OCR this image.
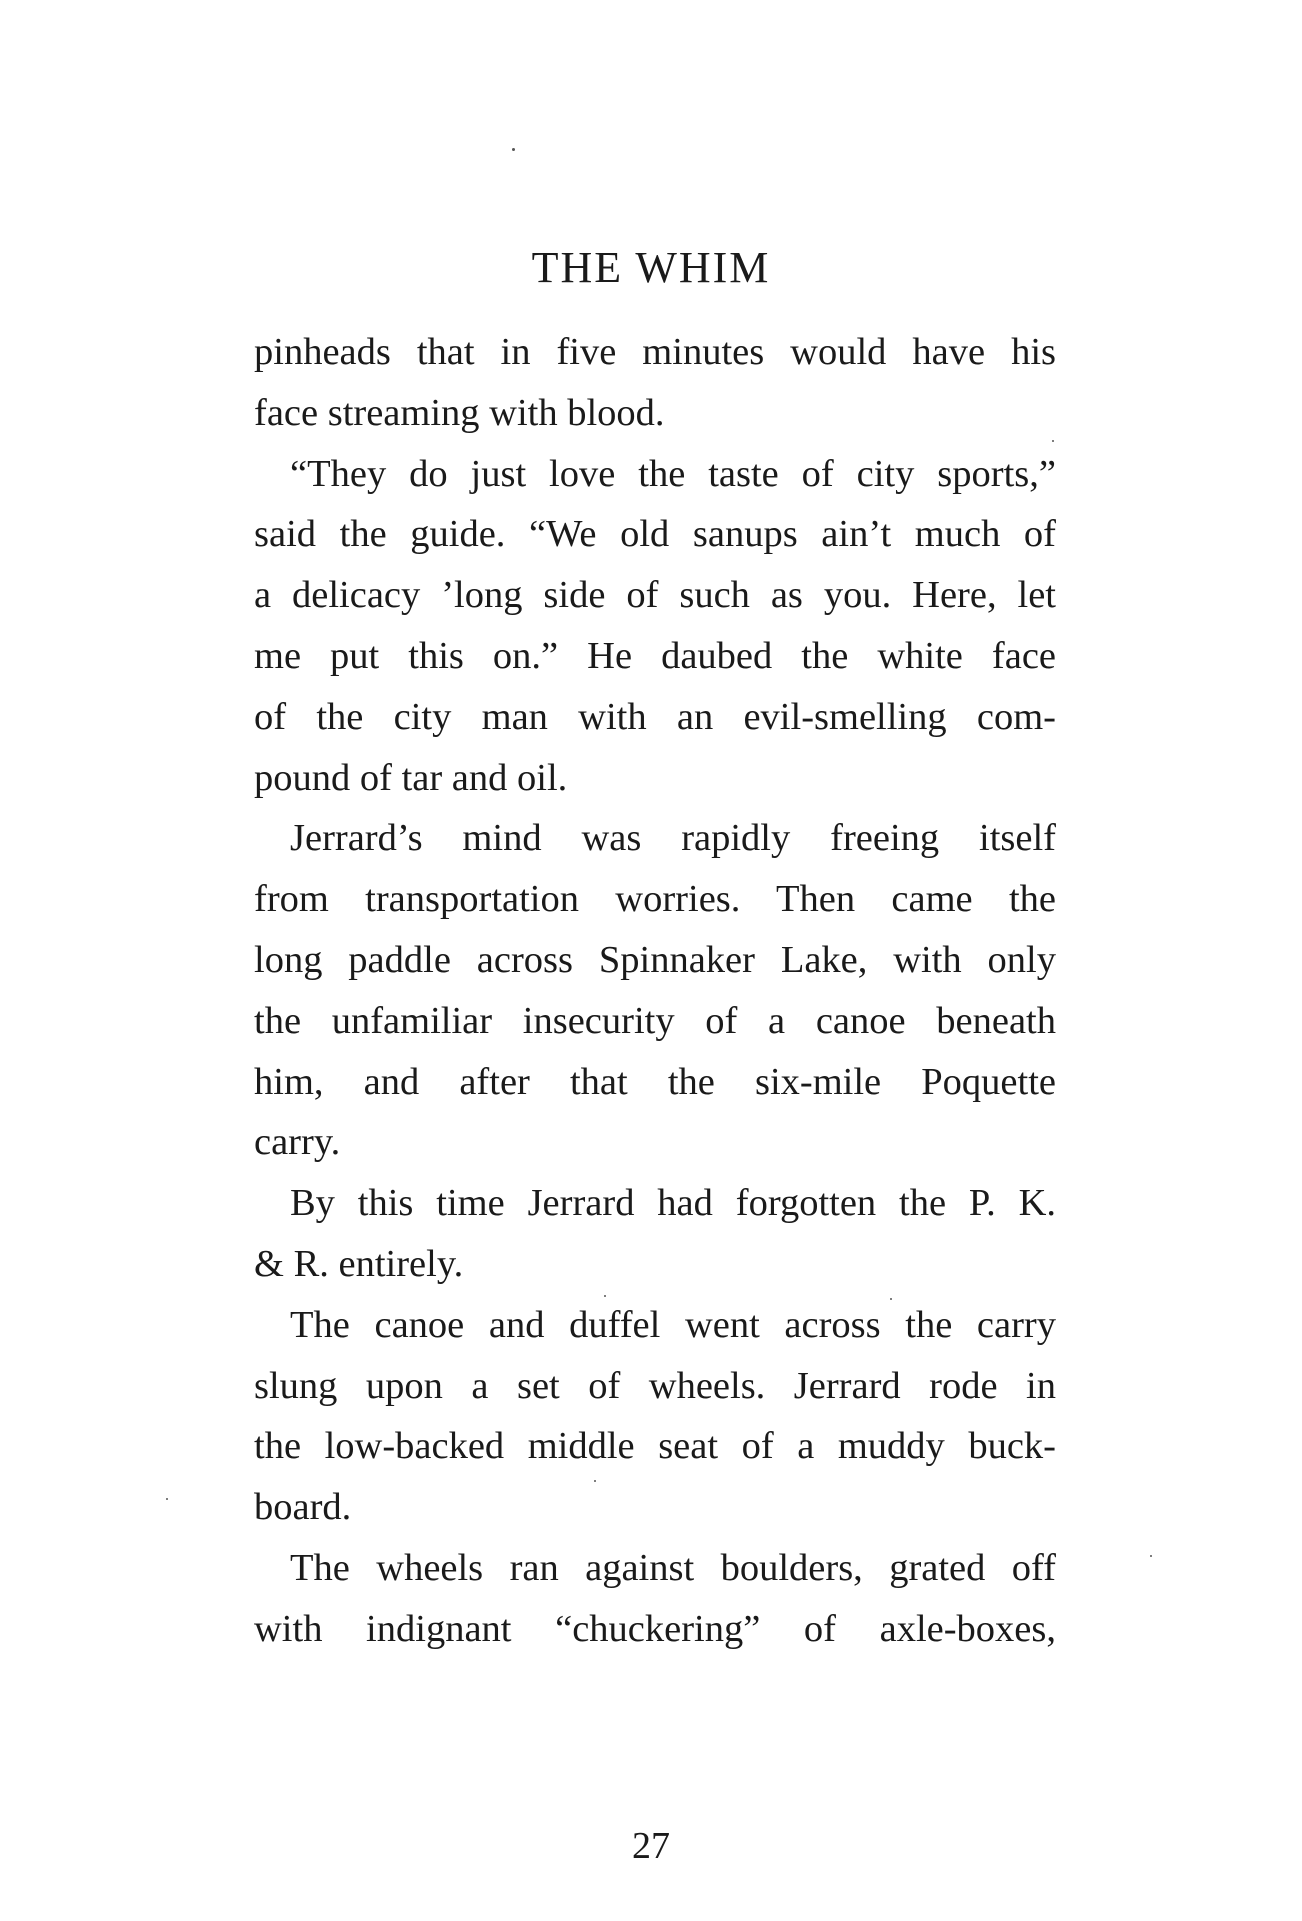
THE WHIM

pinheads that in five minutes would have his
face streaming with blood.

“They do just love the taste of city sports,”
said the guide. “We old sanups ain’t much of
a delicacy ’long side of such as you. Here, let
me put this on.” He daubed the white face
of the city man with an evil-smelling com-
pound of tar and oil.

Jerrard’s mind was rapidly freeing itself
from transportation worries. Then came the
long paddle across Spinnaker Lake, with only
the unfamiliar insecurity of a canoe beneath
him, and after that the six-mile Poquette
carry.

By this time Jerrard had forgotten the P. K.
& R. entirely.

The canoe and duffel went across the carry
slung upon a set of wheels. Jerrard rode in
the low-backed middle seat of a muddy buck-
board.

The wheels ran against boulders, grated off
with indignant “chuckering” of axle-boxes,

27
